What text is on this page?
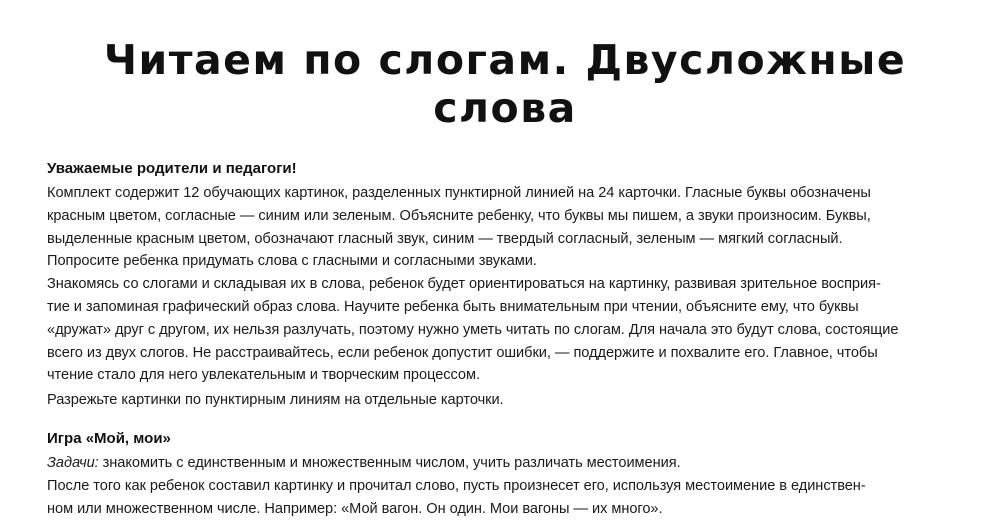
Читаем по слогам. Двусложные слова
Уважаемые родители и педагоги!

Комплект содержит 12 обучающих картинок, разделенных пунктирной линией на 24 карточки. Гласные буквы обозначены
красным цветом, согласные — синим или зеленым. Объясните ребенку, что буквы мы пишем, а звуки произносим. Буквы,
выделенные красным цветом, обозначают гласный звук, синим — твердый согласный, зеленым — мягкий согласный.
Попросите ребенка придумать слова с гласными и согласными звуками.

Знакомясь со слогами и складывая их в слова, ребенок будет ориентироваться на картинку, развивая зрительное восприя-
тие и запоминая графический образ слова. Научите ребенка быть внимательным при чтении, объясните ему, что буквы
«дружат» друг с другом, их нельзя разлучать, поэтому нужно уметь читать по слогам. Для начала это будут слова, состоящие
всего из двух слогов. Не расстраивайтесь, если ребенок допустит ошибки, — поддержите и похвалите его. Главное, чтобы
чтение стало для него увлекательным и творческим процессом.

Разрежьте картинки по пунктирным линиям на отдельные карточки.

Игра «Мой, мои»

Задачи: знакомить с единственным и множественным числом, учить различать местоимения.

После того как ребенок составил картинку и прочитал слово, пусть произнесет его, используя местоимение в единствен-
ном или множественном числе. Например: «Мой вагон. Он один. Мои вагоны — их много».
